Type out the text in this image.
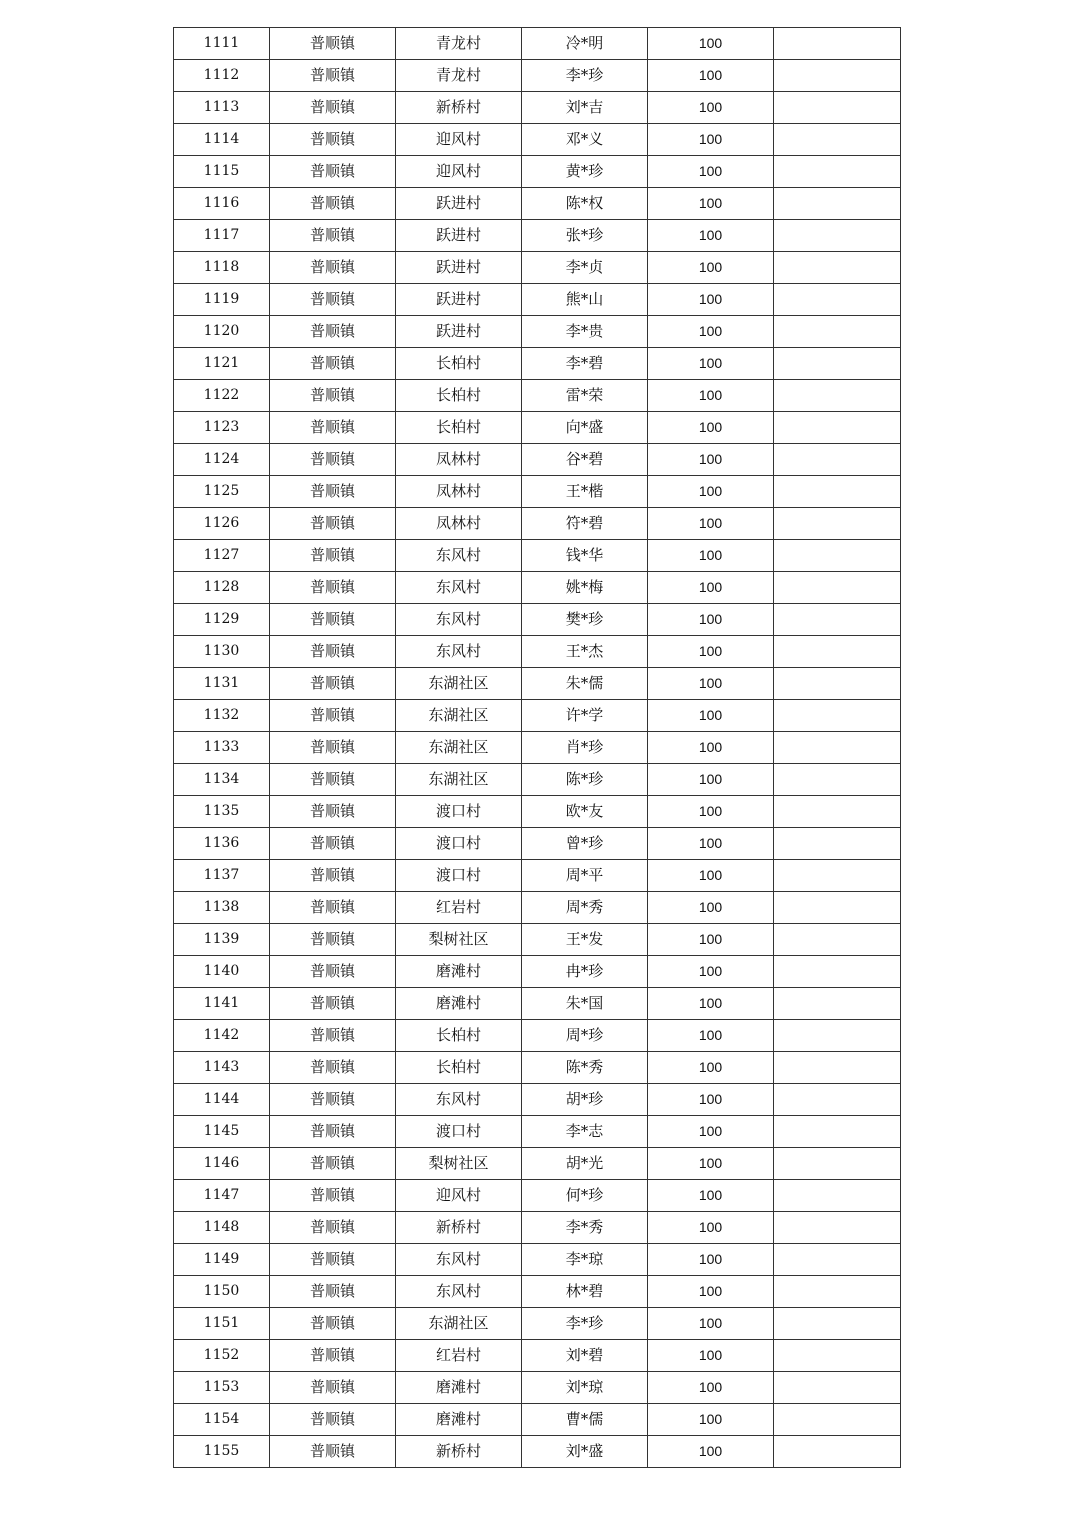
1111	普顺镇	青龙村	冷*明	100	
1112	普顺镇	青龙村	李*珍	100	
1113	普顺镇	新桥村	刘*吉	100	
1114	普顺镇	迎风村	邓*义	100	
1115	普顺镇	迎风村	黄*珍	100	
1116	普顺镇	跃进村	陈*权	100	
1117	普顺镇	跃进村	张*珍	100	
1118	普顺镇	跃进村	李*贞	100	
1119	普顺镇	跃进村	熊*山	100	
1120	普顺镇	跃进村	李*贵	100	
1121	普顺镇	长柏村	李*碧	100	
1122	普顺镇	长柏村	雷*荣	100	
1123	普顺镇	长柏村	向*盛	100	
1124	普顺镇	凤林村	谷*碧	100	
1125	普顺镇	凤林村	王*楷	100	
1126	普顺镇	凤林村	符*碧	100	
1127	普顺镇	东风村	钱*华	100	
1128	普顺镇	东风村	姚*梅	100	
1129	普顺镇	东风村	樊*珍	100	
1130	普顺镇	东风村	王*杰	100	
1131	普顺镇	东湖社区	朱*儒	100	
1132	普顺镇	东湖社区	许*学	100	
1133	普顺镇	东湖社区	肖*珍	100	
1134	普顺镇	东湖社区	陈*珍	100	
1135	普顺镇	渡口村	欧*友	100	
1136	普顺镇	渡口村	曾*珍	100	
1137	普顺镇	渡口村	周*平	100	
1138	普顺镇	红岩村	周*秀	100	
1139	普顺镇	梨树社区	王*发	100	
1140	普顺镇	磨滩村	冉*珍	100	
1141	普顺镇	磨滩村	朱*国	100	
1142	普顺镇	长柏村	周*珍	100	
1143	普顺镇	长柏村	陈*秀	100	
1144	普顺镇	东风村	胡*珍	100	
1145	普顺镇	渡口村	李*志	100	
1146	普顺镇	梨树社区	胡*光	100	
1147	普顺镇	迎风村	何*珍	100	
1148	普顺镇	新桥村	李*秀	100	
1149	普顺镇	东风村	李*琼	100	
1150	普顺镇	东风村	林*碧	100	
1151	普顺镇	东湖社区	李*珍	100	
1152	普顺镇	红岩村	刘*碧	100	
1153	普顺镇	磨滩村	刘*琼	100	
1154	普顺镇	磨滩村	曹*儒	100	
1155	普顺镇	新桥村	刘*盛	100	
